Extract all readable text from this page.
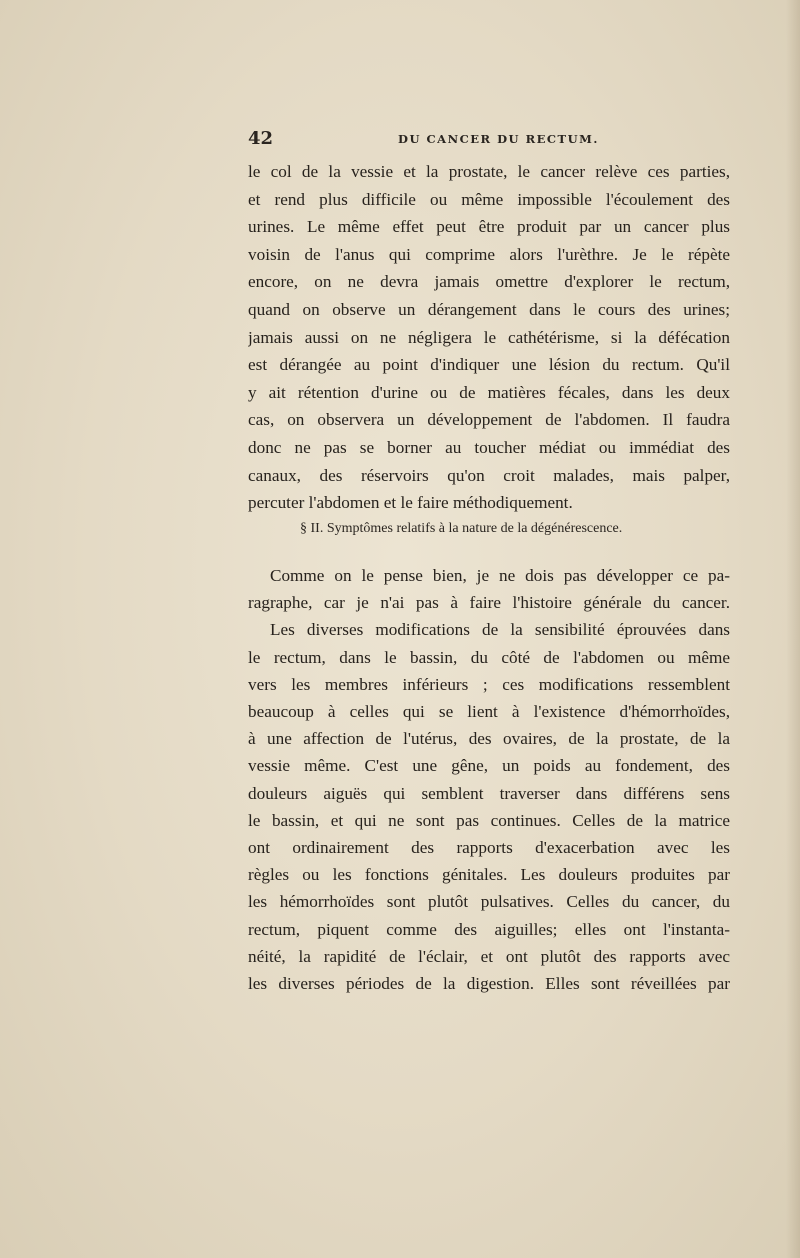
42	DU CANCER DU RECTUM.
le col de la vessie et la prostate, le cancer relève ces parties,
et rend plus difficile ou même impossible l'écoulement des
urines. Le même effet peut être produit par un cancer plus
voisin de l'anus qui comprime alors l'urèthre. Je le répète
encore, on ne devra jamais omettre d'explorer le rectum,
quand on observe un dérangement dans le cours des urines;
jamais aussi on ne négligera le cathétérisme, si la défécation
est dérangée au point d'indiquer une lésion du rectum. Qu'il
y ait rétention d'urine ou de matières fécales, dans les deux
cas, on observera un développement de l'abdomen. Il faudra
donc ne pas se borner au toucher médiat ou immédiat des
canaux, des réservoirs qu'on croit malades, mais palper,
percuter l'abdomen et le faire méthodiquement.
§ II. Symptômes relatifs à la nature de la dégénérescence.
Comme on le pense bien, je ne dois pas développer ce pa-
ragraphe, car je n'ai pas à faire l'histoire générale du cancer.
Les diverses modifications de la sensibilité éprouvées dans
le rectum, dans le bassin, du côté de l'abdomen ou même
vers les membres inférieurs ; ces modifications ressemblent
beaucoup à celles qui se lient à l'existence d'hémorrhoïdes,
à une affection de l'utérus, des ovaires, de la prostate, de la
vessie même. C'est une gêne, un poids au fondement, des
douleurs aiguës qui semblent traverser dans différens sens
le bassin, et qui ne sont pas continues. Celles de la matrice
ont ordinairement des rapports d'exacerbation avec les
règles ou les fonctions génitales. Les douleurs produites par
les hémorrhoïdes sont plutôt pulsatives. Celles du cancer, du
rectum, piquent comme des aiguilles; elles ont l'instanta-
néité, la rapidité de l'éclair, et ont plutôt des rapports avec
les diverses périodes de la digestion. Elles sont réveillées par
